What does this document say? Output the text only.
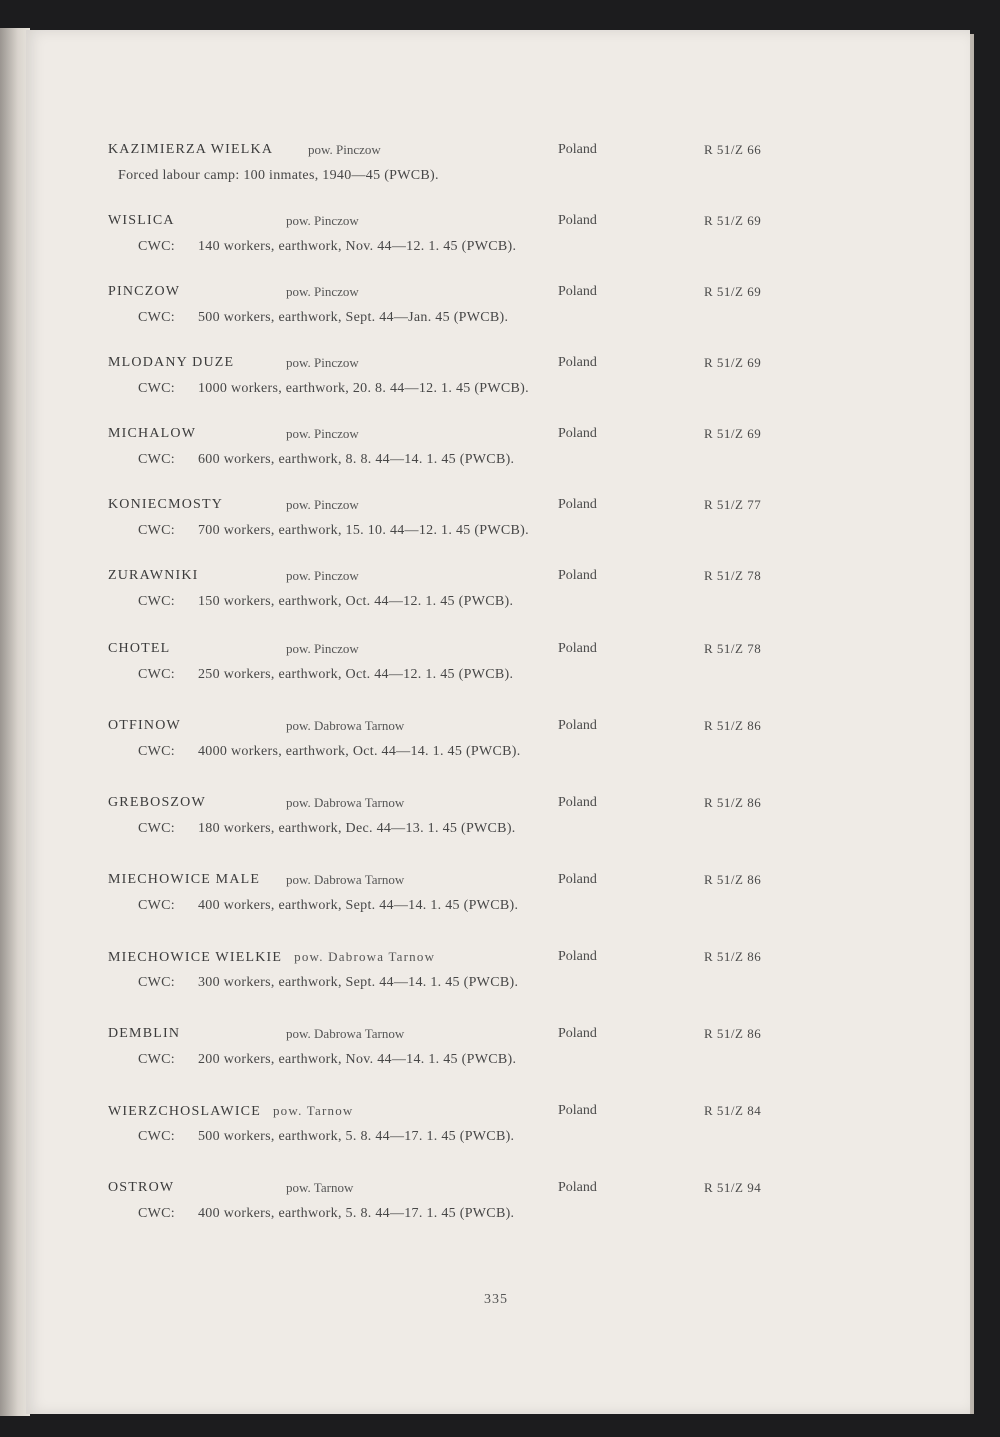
KAZIMIERZA WIELKA	pow. Pinczow	Poland	R 51/Z 66
Forced labour camp: 100 inmates, 1940—45 (PWCB).
WISLICA	pow. Pinczow	Poland	R 51/Z 69
CWC: 140 workers, earthwork, Nov. 44—12. 1. 45 (PWCB).
PINCZOW	pow. Pinczow	Poland	R 51/Z 69
CWC: 500 workers, earthwork, Sept. 44—Jan. 45 (PWCB).
MLODANY DUZE	pow. Pinczow	Poland	R 51/Z 69
CWC: 1000 workers, earthwork, 20. 8. 44—12. 1. 45 (PWCB).
MICHALOW	pow. Pinczow	Poland	R 51/Z 69
CWC: 600 workers, earthwork, 8. 8. 44—14. 1. 45 (PWCB).
KONIECMOSTY	pow. Pinczow	Poland	R 51/Z 77
CWC: 700 workers, earthwork, 15. 10. 44—12. 1. 45 (PWCB).
ZURAWNIKI	pow. Pinczow	Poland	R 51/Z 78
CWC: 150 workers, earthwork, Oct. 44—12. 1. 45 (PWCB).
CHOTEL	pow. Pinczow	Poland	R 51/Z 78
CWC: 250 workers, earthwork, Oct. 44—12. 1. 45 (PWCB).
OTFINOW	pow. Dabrowa Tarnow	Poland	R 51/Z 86
CWC: 4000 workers, earthwork, Oct. 44—14. 1. 45 (PWCB).
GREBOSZOW	pow. Dabrowa Tarnow	Poland	R 51/Z 86
CWC: 180 workers, earthwork, Dec. 44—13. 1. 45 (PWCB).
MIECHOWICE MALE pow. Dabrowa Tarnow	Poland	R 51/Z 86
CWC: 400 workers, earthwork, Sept. 44—14. 1. 45 (PWCB).
MIECHOWICE WIELKIE pow. Dabrowa Tarnow	Poland	R 51/Z 86
CWC: 300 workers, earthwork, Sept. 44—14. 1. 45 (PWCB).
DEMBLIN	pow. Dabrowa Tarnow	Poland	R 51/Z 86
CWC: 200 workers, earthwork, Nov. 44—14. 1. 45 (PWCB).
WIERZCHOSLAWICE pow. Tarnow	Poland	R 51/Z 84
CWC: 500 workers, earthwork, 5. 8. 44—17. 1. 45 (PWCB).
OSTROW	pow. Tarnow	Poland	R 51/Z 94
CWC: 400 workers, earthwork, 5. 8. 44—17. 1. 45 (PWCB).
335
